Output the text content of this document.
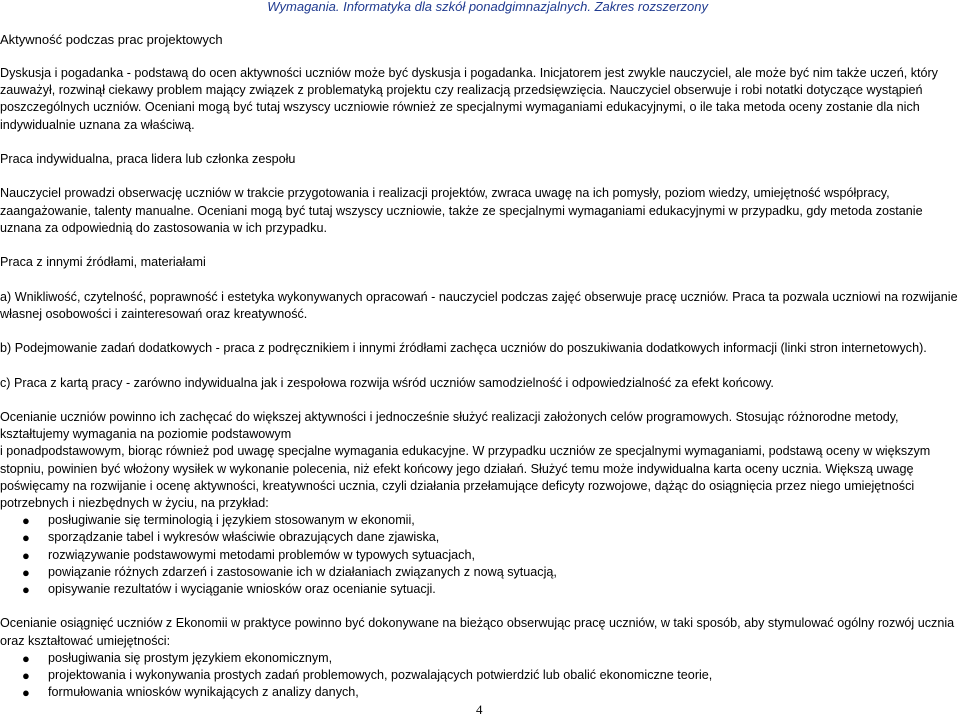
Wymagania. Informatyka dla szkół ponadgimnazjalnych. Zakres rozszerzony
Aktywność podczas prac projektowych

Dyskusja i pogadanka - podstawą do ocen aktywności uczniów może być dyskusja i pogadanka. Inicjatorem jest zwykle nauczyciel, ale może być nim także uczeń, który zauważył, rozwinął ciekawy problem mający związek z problematyką projektu czy realizacją przedsięwzięcia. Nauczyciel obserwuje i robi notatki dotyczące wystąpień poszczególnych uczniów. Oceniani mogą być tutaj wszyscy uczniowie również ze specjalnymi wymaganiami edukacyjnymi, o ile taka metoda oceny zostanie dla nich indywidualnie uznana za właściwą.

Praca indywidualna, praca lidera lub członka zespołu

Nauczyciel prowadzi obserwację uczniów w trakcie przygotowania i realizacji projektów, zwraca uwagę na ich pomysły, poziom wiedzy, umiejętność współpracy, zaangażowanie, talenty manualne. Oceniani mogą być tutaj wszyscy uczniowie, także ze specjalnymi wymaganiami edukacyjnymi w przypadku, gdy metoda zostanie uznana za odpowiednią do zastosowania w ich przypadku.

Praca z innymi źródłami, materiałami

a) Wnikliwość, czytelność, poprawność i estetyka wykonywanych opracowań - nauczyciel podczas zajęć obserwuje pracę uczniów. Praca ta pozwala uczniowi na rozwijanie własnej osobowości i zainteresowań oraz kreatywność.

b) Podejmowanie zadań dodatkowych - praca z podręcznikiem i innymi źródłami zachęca uczniów do poszukiwania dodatkowych informacji (linki stron internetowych).

c) Praca z kartą pracy - zarówno indywidualna jak i zespołowa rozwija wśród uczniów samodzielność i odpowiedzialność za efekt końcowy.

Ocenianie uczniów powinno ich zachęcać do większej aktywności i jednocześnie służyć realizacji założonych celów programowych. Stosując różnorodne metody, kształtujemy wymagania na poziomie podstawowym

i ponadpodstawowym, biorąc również pod uwagę specjalne wymagania edukacyjne. W przypadku uczniów ze specjalnymi wymaganiami, podstawą oceny w większym stopniu, powinien być włożony wysiłek w wykonanie polecenia, niż efekt końcowy jego działań. Służyć temu może indywidualna karta oceny ucznia. Większą uwagę poświęcamy na rozwijanie i ocenę aktywności, kreatywności ucznia, czyli działania przełamujące deficyty rozwojowe, dążąc do osiągnięcia przez niego umiejętności potrzebnych i niezbędnych w życiu, na przykład:

● posługiwanie się terminologią i językiem stosowanym w ekonomii,
● sporządzanie tabel i wykresów właściwie obrazujących dane zjawiska,
● rozwiązywanie podstawowymi metodami problemów w typowych sytuacjach,
● powiązanie różnych zdarzeń i zastosowanie ich w działaniach związanych z nową sytuacją,
● opisywanie rezultatów i wyciąganie wniosków oraz ocenianie sytuacji.

Ocenianie osiągnięć uczniów z Ekonomii w praktyce powinno być dokonywane na bieżąco obserwując pracę uczniów, w taki sposób, aby stymulować ogólny rozwój ucznia oraz kształtować umiejętności:

● posługiwania się prostym językiem ekonomicznym,
● projektowania i wykonywania prostych zadań problemowych, pozwalających potwierdzić lub obalić ekonomiczne teorie,
● formułowania wniosków wynikających z analizy danych,
4
